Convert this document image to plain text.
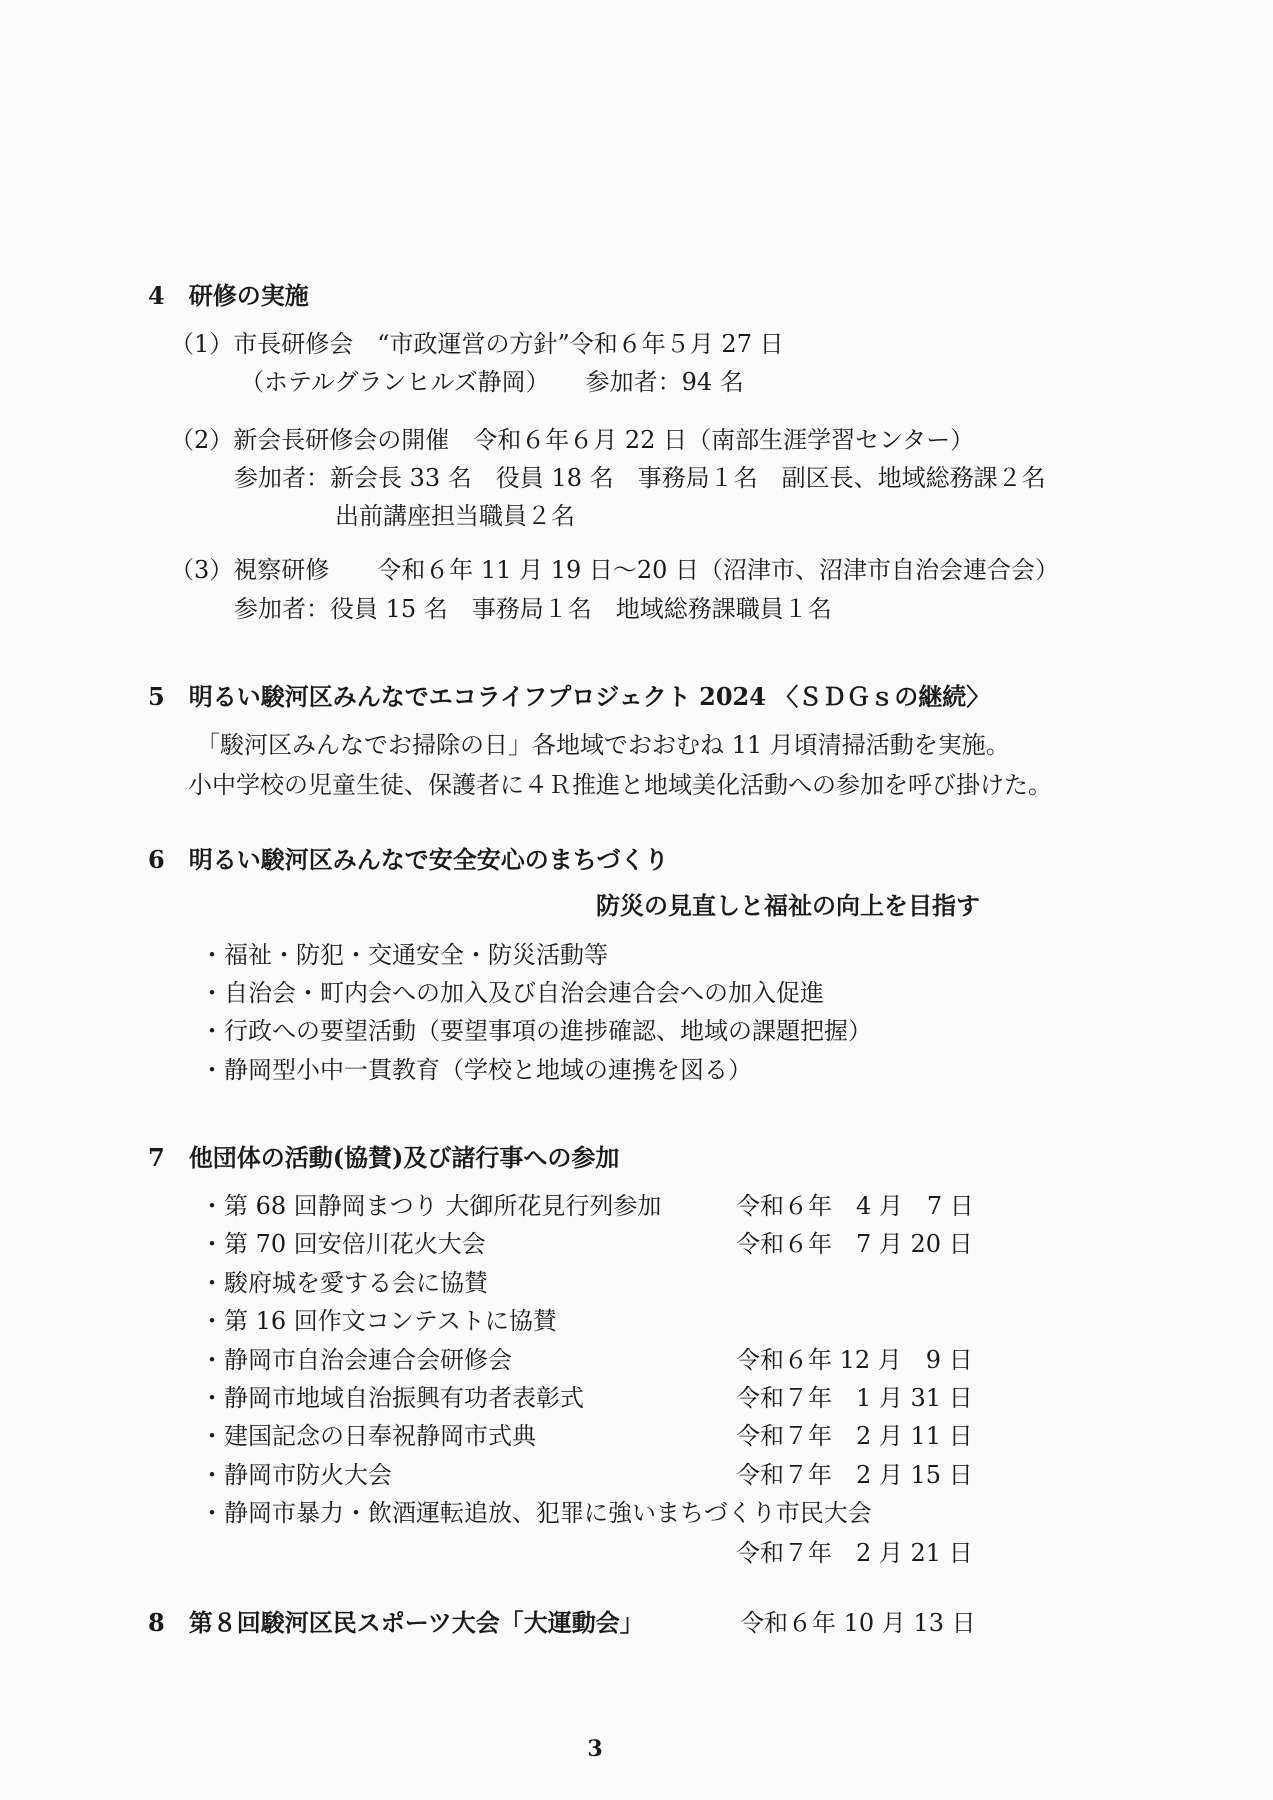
4　研修の実施
（1）市長研修会　“市政運営の方針”令和６年５月 27 日
（ホテルグランヒルズ静岡）　　参加者：94 名
（2）新会長研修会の開催　令和６年６月 22 日（南部生涯学習センター）
参加者：新会長 33 名　役員 18 名　事務局１名　副区長、地域総務課２名
出前講座担当職員２名
（3）視察研修　　令和６年 11 月 19 日～20 日（沼津市、沼津市自治会連合会）
参加者：役員 15 名　事務局１名　地域総務課職員１名
5　明るい駿河区みんなでエコライフプロジェクト 2024 〈ＳＤＧｓの継続〉
「駿河区みんなでお掃除の日」各地域でおおむね 11 月頃清掃活動を実施。
小中学校の児童生徒、保護者に４Ｒ推進と地域美化活動への参加を呼び掛けた。
6　明るい駿河区みんなで安全安心のまちづくり
防災の見直しと福祉の向上を目指す
・福祉・防犯・交通安全・防災活動等
・自治会・町内会への加入及び自治会連合会への加入促進
・行政への要望活動（要望事項の進捗確認、地域の課題把握）
・静岡型小中一貫教育（学校と地域の連携を図る）
7　他団体の活動(協賛)及び諸行事への参加
・第 68 回静岡まつり 大御所花見行列参加	令和６年　4 月　7 日
・第 70 回安倍川花火大会	令和６年　7 月 20 日
・駿府城を愛する会に協賛
・第 16 回作文コンテストに協賛
・静岡市自治会連合会研修会	令和６年 12 月　9 日
・静岡市地域自治振興有功者表彰式	令和７年　1 月 31 日
・建国記念の日奉祝静岡市式典	令和７年　2 月 11 日
・静岡市防火大会	令和７年　2 月 15 日
・静岡市暴力・飲酒運転追放、犯罪に強いまちづくり市民大会
令和７年　2 月 21 日
8　第８回駿河区民スポーツ大会「大運動会」	令和６年 10 月 13 日
3
